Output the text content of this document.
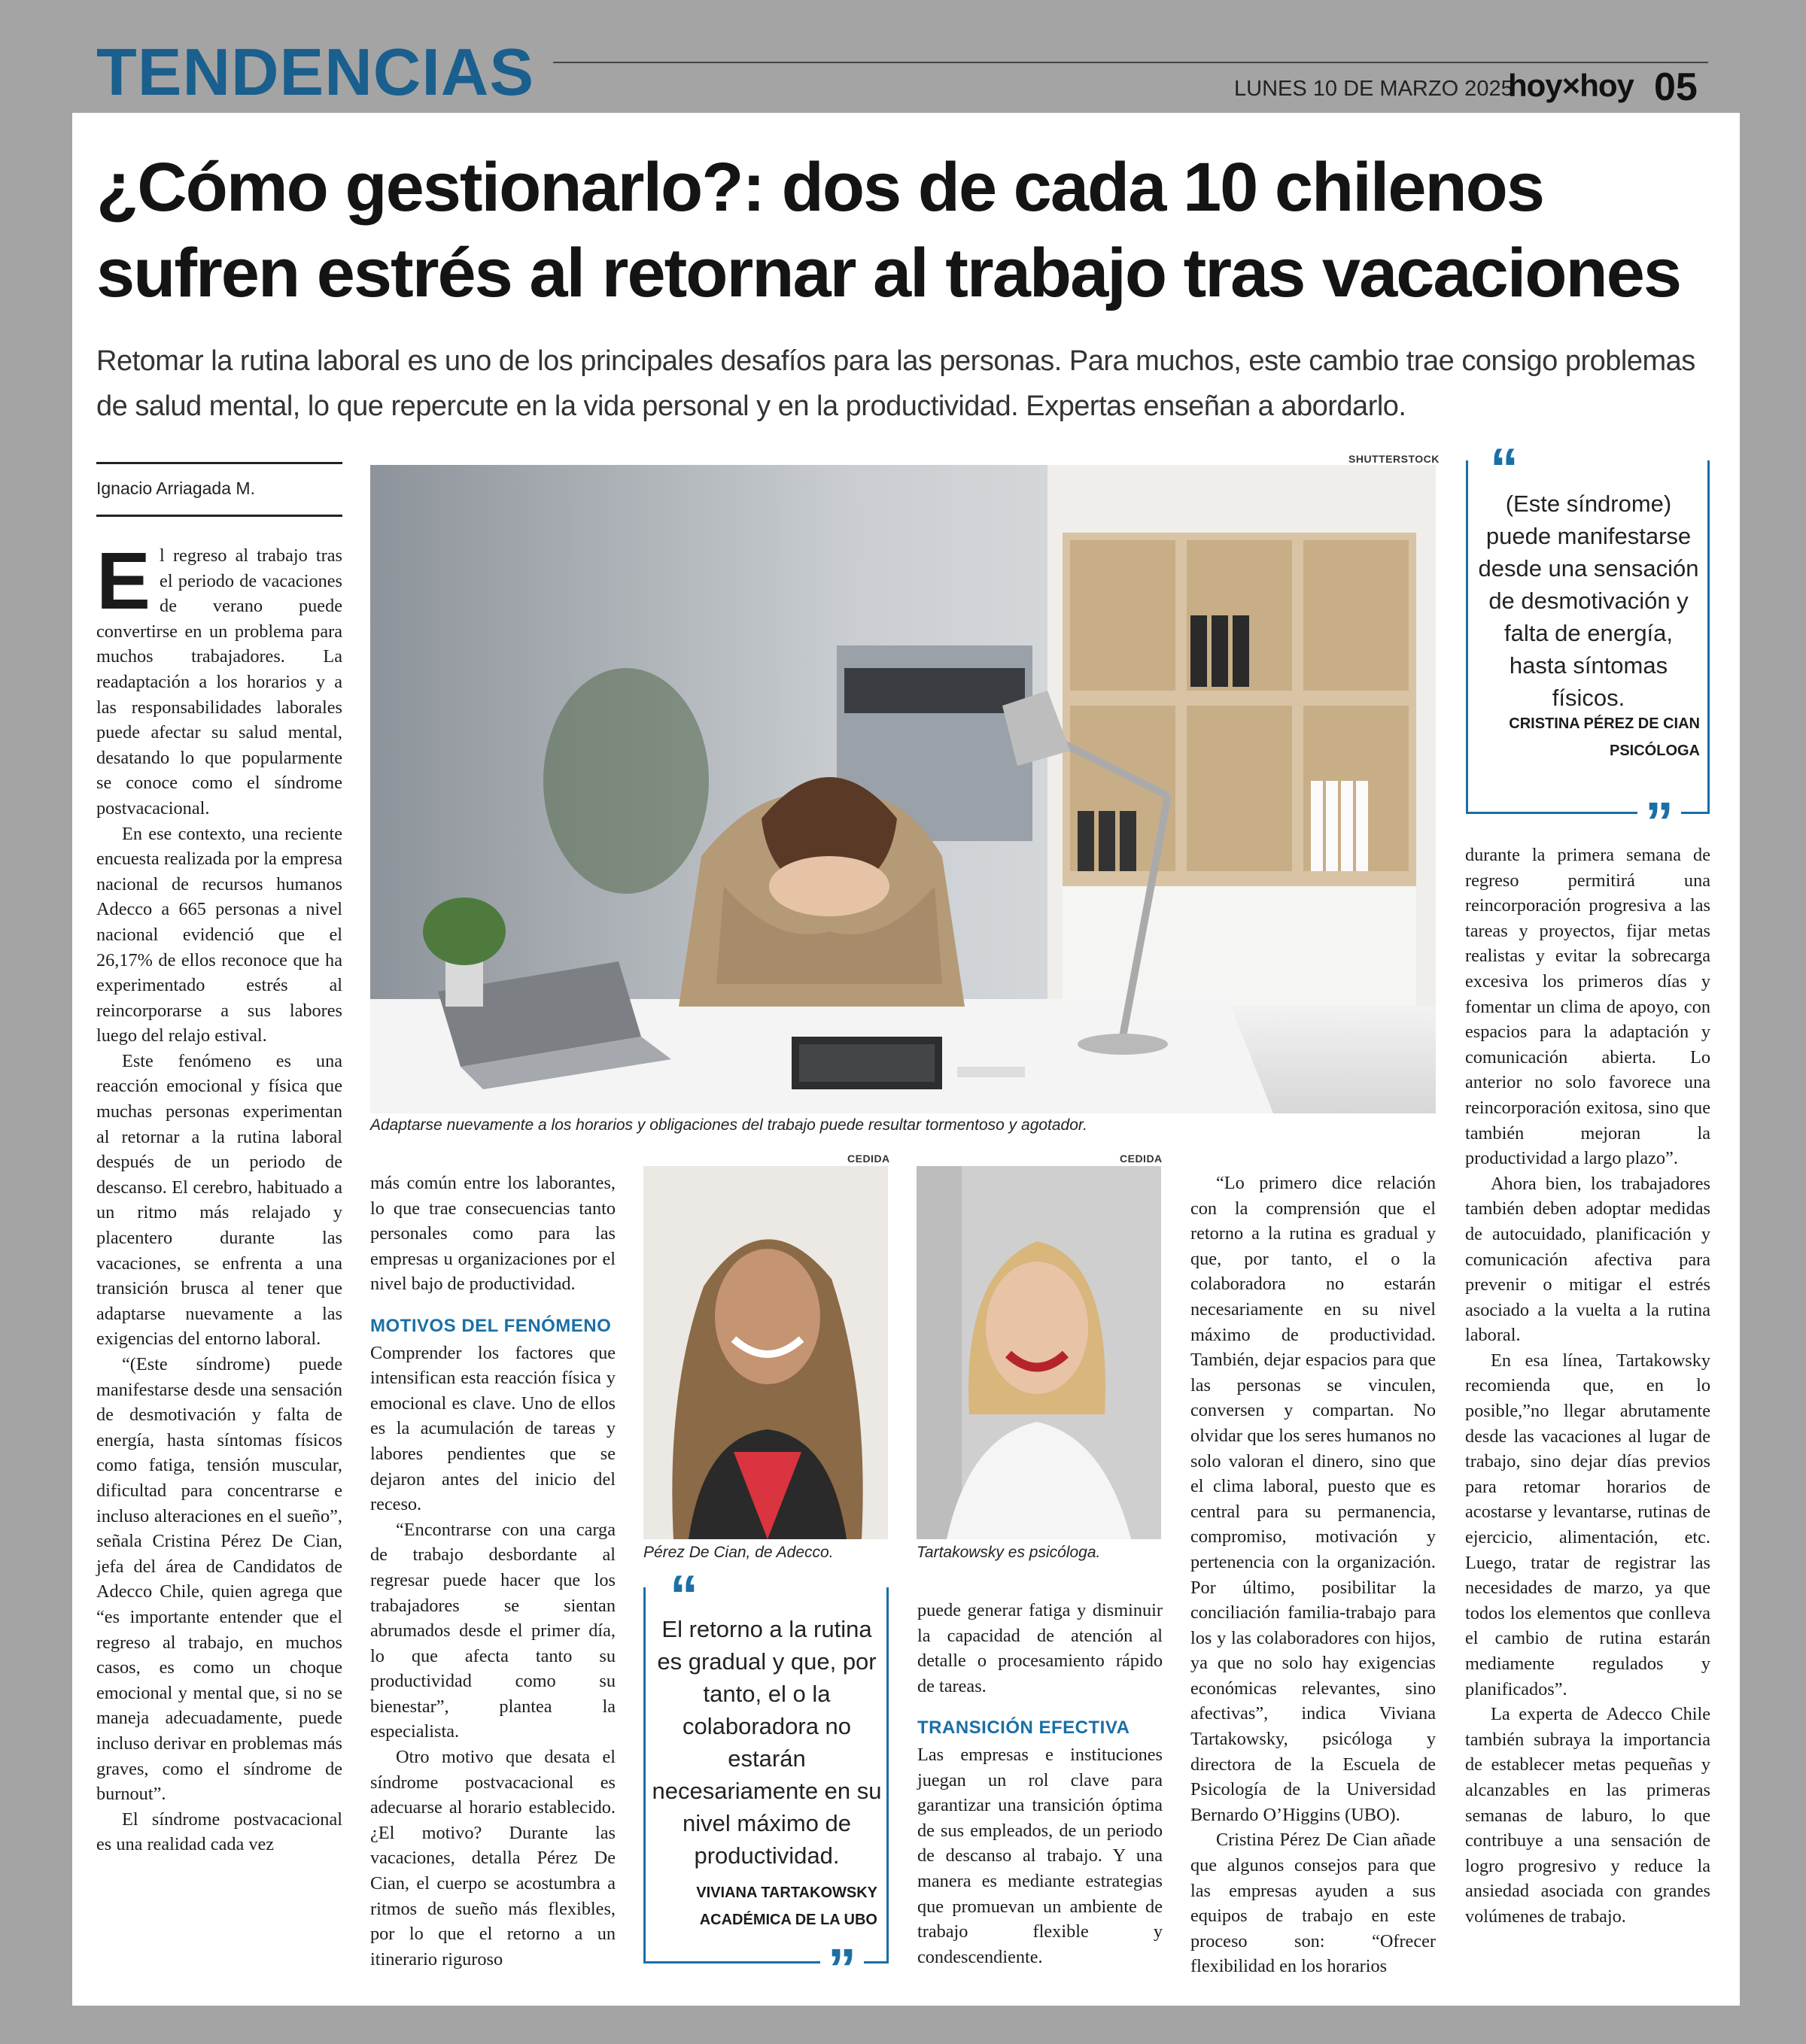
TENDENCIAS	LUNES 10 DE MARZO 2025
hoy×hoy 05
¿Cómo gestionarlo?: dos de cada 10 chilenos
sufren estrés al retornar al trabajo tras vacaciones

Retomar la rutina laboral es uno de los principales desafíos para las personas. Para muchos, este cambio trae consigo problemas de salud mental, lo que repercute en la vida personal y en la productividad. Expertas enseñan a abordarlo.

Ignacio Arriagada M.

El regreso al trabajo tras el periodo de vacaciones de verano puede convertirse en un problema para muchos trabajadores. La readaptación a los horarios y a las responsabilidades laborales puede afectar su salud mental, desatando lo que popularmente se conoce como el síndrome postvacacional.

En ese contexto, una reciente encuesta realizada por la empresa nacional de recursos humanos Adecco a 665 personas a nivel nacional evidenció que el 26,17% de ellos reconoce que ha experimentado estrés al reincorporarse a sus labores luego del relajo estival.

Este fenómeno es una reacción emocional y física que muchas personas experimentan al retornar a la rutina laboral después de un periodo de descanso. El cerebro, habituado a un ritmo más relajado y placentero durante las vacaciones, se enfrenta a una transición brusca al tener que adaptarse nuevamente a las exigencias del entorno laboral.

“(Este síndrome) puede manifestarse desde una sensación de desmotivación y falta de energía, hasta síntomas físicos como fatiga, tensión muscular, dificultad para concentrarse e incluso alteraciones en el sueño”, señala Cristina Pérez De Cian, jefa del área de Candidatos de Adecco Chile, quien agrega que “es importante entender que el regreso al trabajo, en muchos casos, es como un choque emocional y mental que, si no se maneja adecuadamente, puede incluso derivar en problemas más graves, como el síndrome de burnout”.

El síndrome postvacacional es una realidad cada vez

SHUTTERSTOCK
Adaptarse nuevamente a los horarios y obligaciones del trabajo puede resultar tormentoso y agotador.

más común entre los laborantes, lo que trae consecuencias tanto personales como para las empresas u organizaciones por el nivel bajo de productividad.

MOTIVOS DEL FENÓMENO

Comprender los factores que intensifican esta reacción física y emocional es clave. Uno de ellos es la acumulación de tareas y labores pendientes que se dejaron antes del inicio del receso.

“Encontrarse con una carga de trabajo desbordante al regresar puede hacer que los trabajadores se sientan abrumados desde el primer día, lo que afecta tanto su productividad como su bienestar”, plantea la especialista.

Otro motivo que desata el síndrome postvacacional es adecuarse al horario establecido. ¿El motivo? Durante las vacaciones, detalla Pérez De Cian, el cuerpo se acostumbra a ritmos de sueño más flexibles, por lo que el retorno a un itinerario riguroso

CEDIDA
Pérez De Cian, de Adecco.
CEDIDA
Tartakowsky es psicóloga.
El retorno a la rutina es gradual y que, por tanto, el o la colaboradora no estarán necesariamente en su nivel máximo de productividad.
VIVIANA TARTAKOWSKY
ACADÉMICA DE LA UBO
“
”

puede generar fatiga y disminuir la capacidad de atención al detalle o procesamiento rápido de tareas.

TRANSICIÓN EFECTIVA

Las empresas e instituciones juegan un rol clave para garantizar una transición óptima de sus empleados, de un periodo de descanso al trabajo. Y una manera es mediante estrategias que promuevan un ambiente de trabajo flexible y condescendiente.

“Lo primero dice relación con la comprensión que el retorno a la rutina es gradual y que, por tanto, el o la colaboradora no estarán necesariamente en su nivel máximo de productividad. También, dejar espacios para que las personas se vinculen, conversen y compartan. No olvidar que los seres humanos no solo valoran el dinero, sino que el clima laboral, puesto que es central para su permanencia, compromiso, motivación y pertenencia con la organización. Por último, posibilitar la conciliación familia-trabajo para los y las colaboradores con hijos, ya que no solo hay exigencias económicas relevantes, sino afectivas”, indica Viviana Tartakowsky, psicóloga y directora de la Escuela de Psicología de la Universidad Bernardo O’Higgins (UBO).

Cristina Pérez De Cian añade que algunos consejos para que las empresas ayuden a sus equipos de trabajo en este proceso son: “Ofrecer flexibilidad en los horarios

(Este síndrome) puede manifestarse desde una sensación de desmotivación y falta de energía, hasta síntomas físicos.
CRISTINA PÉREZ DE CIAN
PSICÓLOGA
“
”

durante la primera semana de regreso permitirá una reincorporación progresiva a las tareas y proyectos, fijar metas realistas y evitar la sobrecarga excesiva los primeros días y fomentar un clima de apoyo, con espacios para la adaptación y comunicación abierta. Lo anterior no solo favorece una reincorporación exitosa, sino que también mejoran la productividad a largo plazo”.

Ahora bien, los trabajadores también deben adoptar medidas de autocuidado, planificación y comunicación afectiva para prevenir o mitigar el estrés asociado a la vuelta a la rutina laboral.

En esa línea, Tartakowsky recomienda que, en lo posible,”no llegar abrutamente desde las vacaciones al lugar de trabajo, sino dejar días previos para retomar horarios de acostarse y levantarse, rutinas de ejercicio, alimentación, etc. Luego, tratar de registrar las necesidades de marzo, ya que todos los elementos que conlleva el cambio de rutina estarán mediamente regulados y planificados”.

La experta de Adecco Chile también subraya la importancia de establecer metas pequeñas y alcanzables en las primeras semanas de laburo, lo que contribuye a una sensación de logro progresivo y reduce la ansiedad asociada con grandes volúmenes de trabajo.
